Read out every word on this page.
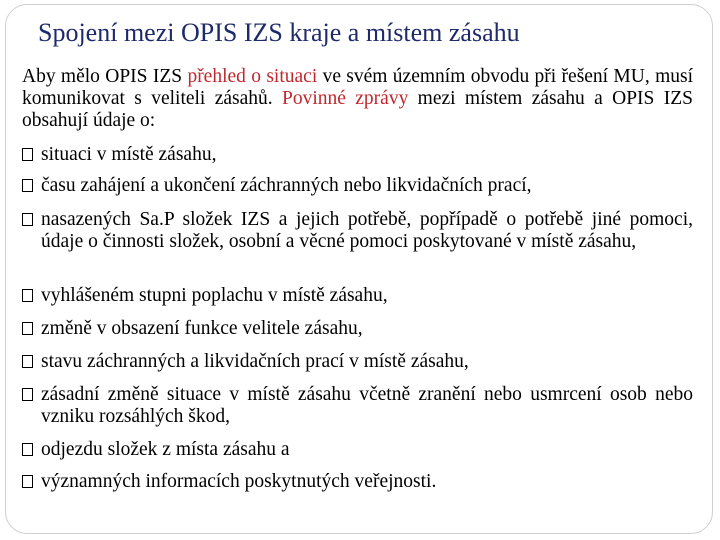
Spojení mezi OPIS IZS kraje a místem zásahu
Aby mělo OPIS IZS přehled o situaci ve svém územním obvodu při řešení MU, musí komunikovat s veliteli zásahů. Povinné zprávy mezi místem zásahu a OPIS IZS obsahují údaje o:
situaci v místě zásahu,
času zahájení a ukončení záchranných nebo likvidačních prací,
nasazených Sa.P složek IZS a jejich potřebě, popřípadě o potřebě jiné pomoci, údaje o činnosti složek, osobní a věcné pomoci poskytované v místě zásahu,
vyhlášeném stupni poplachu v místě zásahu,
změně v obsazení funkce velitele zásahu,
stavu záchranných a likvidačních prací v místě zásahu,
zásadní změně situace v místě zásahu včetně zranění nebo usmrcení osob nebo vzniku rozsáhlých škod,
odjezdu složek z místa zásahu a
významných informacích poskytnutých veřejnosti.
